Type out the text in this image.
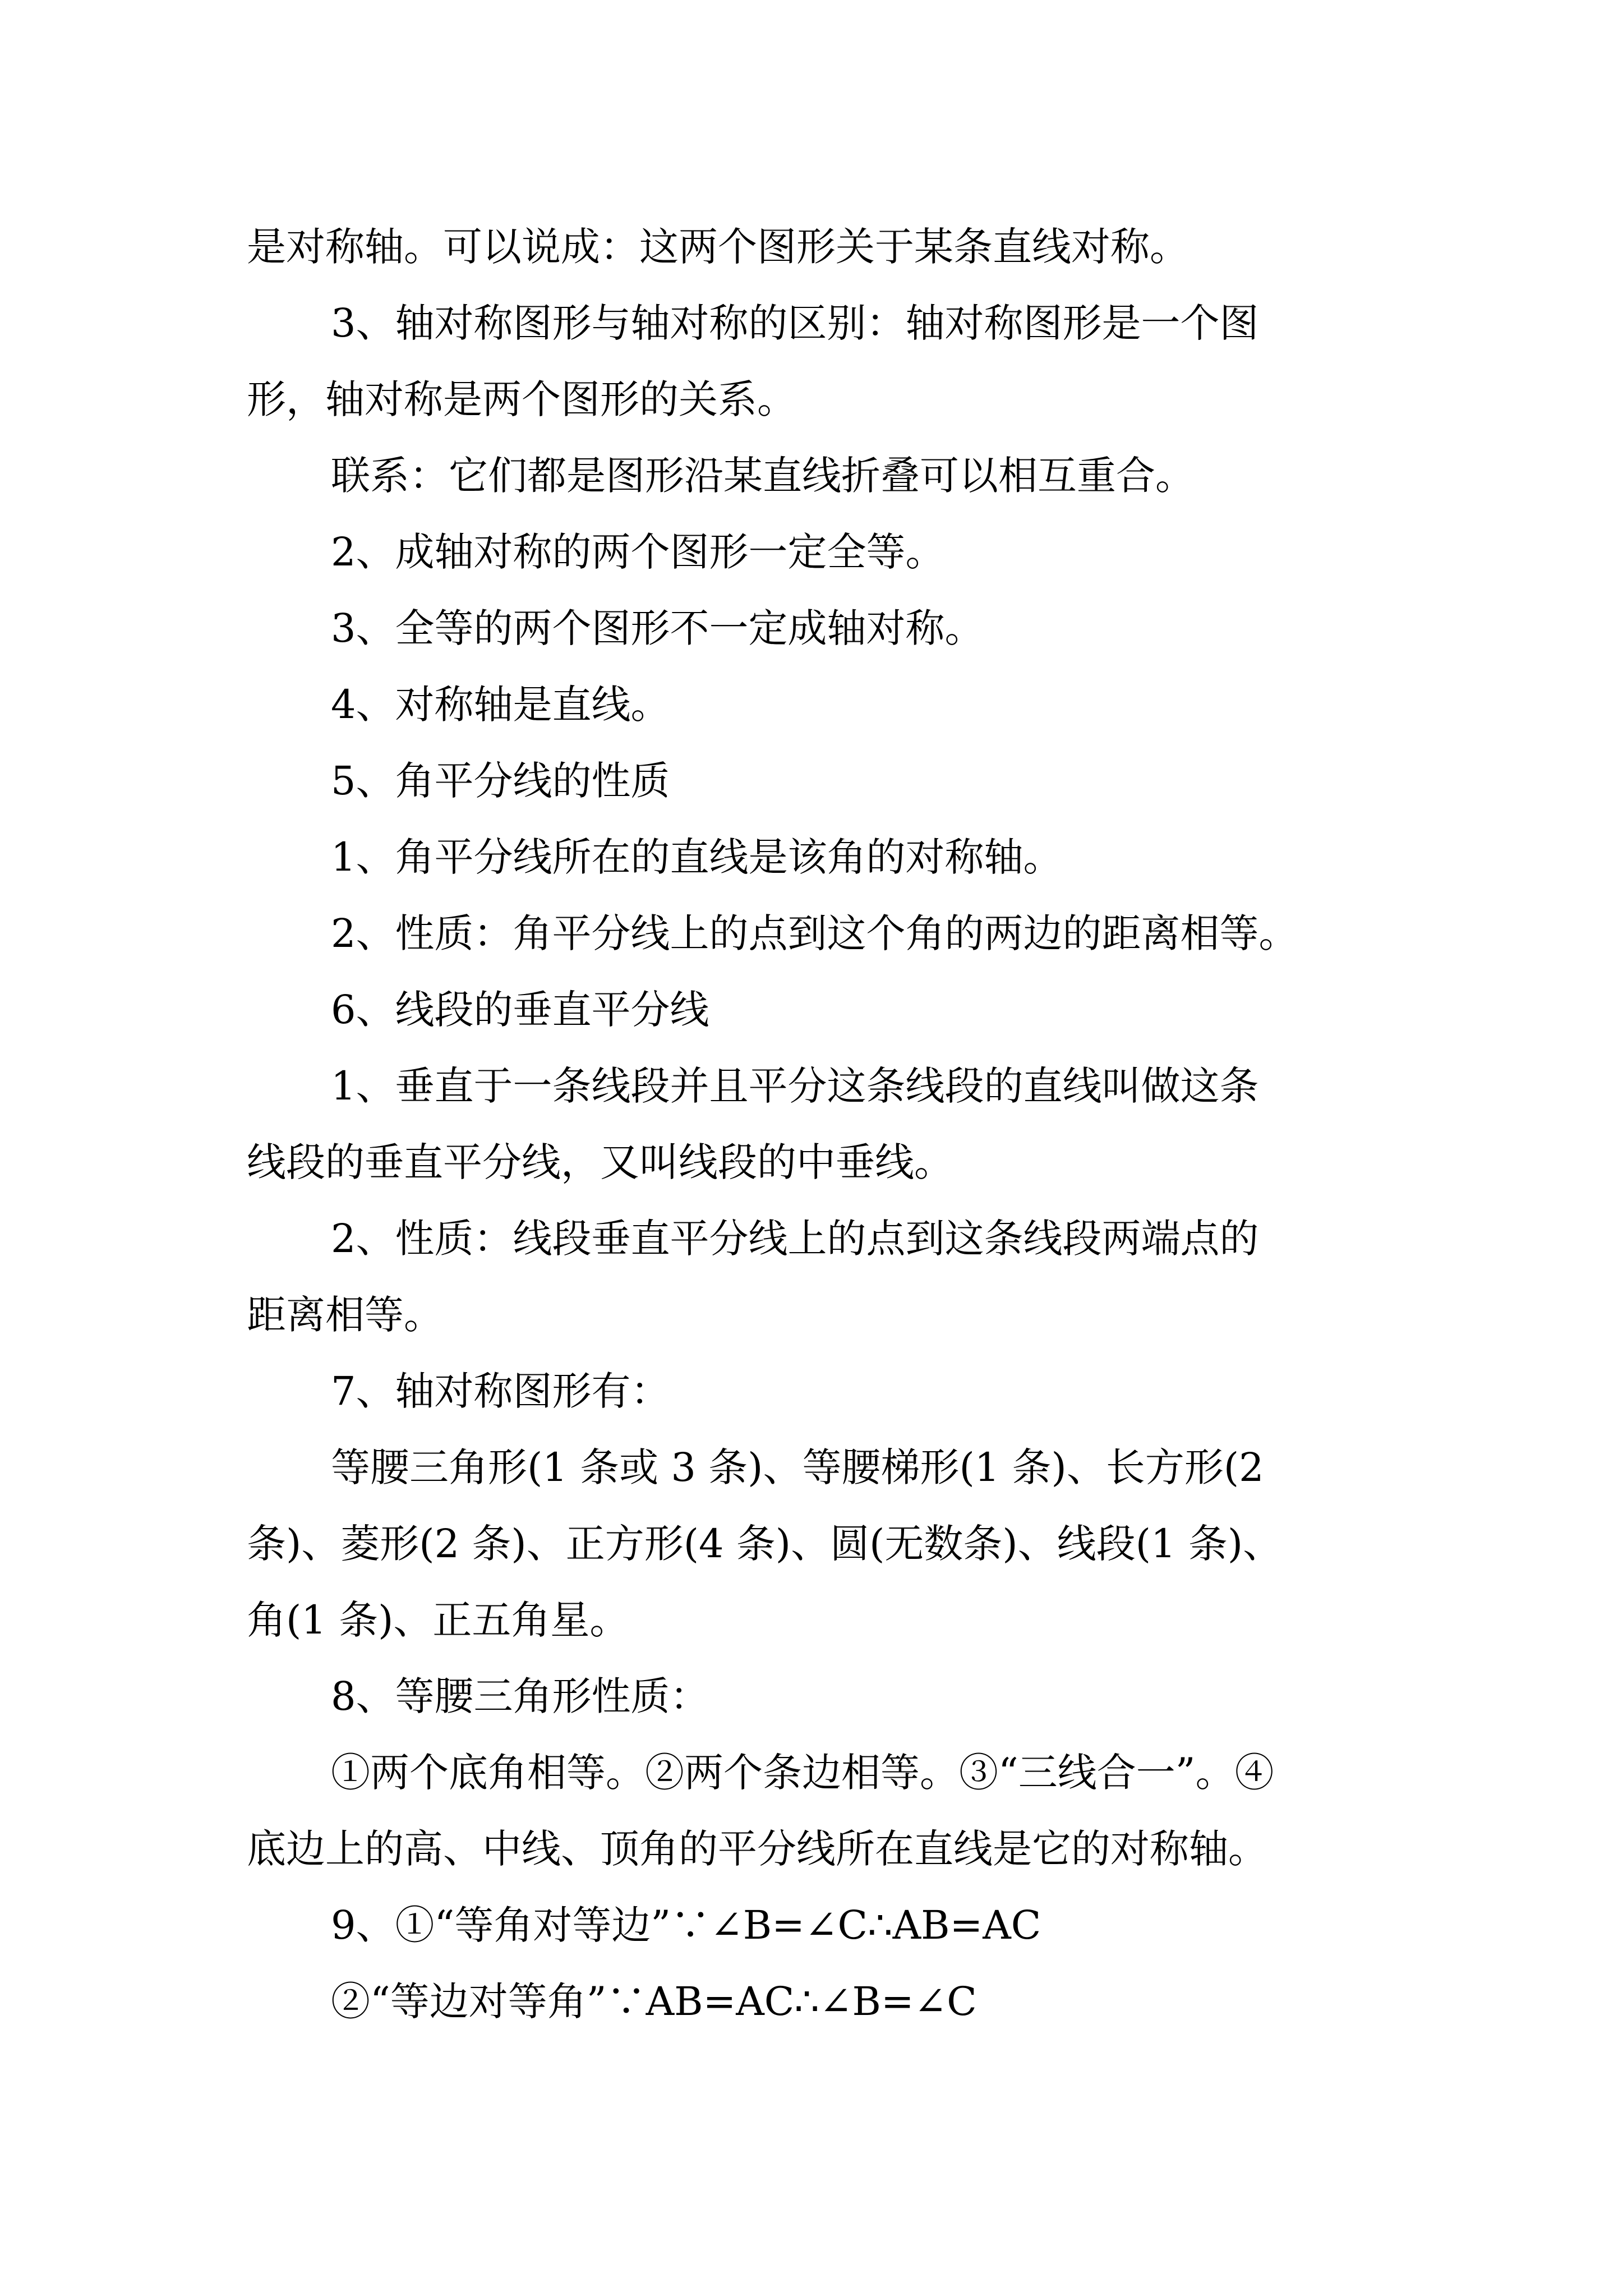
是对称轴。可以说成：这两个图形关于某条直线对称。
3、轴对称图形与轴对称的区别：轴对称图形是一个图
形，轴对称是两个图形的关系。
联系：它们都是图形沿某直线折叠可以相互重合。
2、成轴对称的两个图形一定全等。
3、全等的两个图形不一定成轴对称。
4、对称轴是直线。
5、角平分线的性质
1、角平分线所在的直线是该角的对称轴。
2、性质：角平分线上的点到这个角的两边的距离相等。
6、线段的垂直平分线
1、垂直于一条线段并且平分这条线段的直线叫做这条
线段的垂直平分线，又叫线段的中垂线。
2、性质：线段垂直平分线上的点到这条线段两端点的
距离相等。
7、轴对称图形有：
等腰三角形(1 条或 3 条)、等腰梯形(1 条)、长方形(2
条)、菱形(2 条)、正方形(4 条)、圆(无数条)、线段(1 条)、
角(1 条)、正五角星。
8、等腰三角形性质：
①两个底角相等。②两个条边相等。③“三线合一”。④
底边上的高、中线、顶角的平分线所在直线是它的对称轴。
9、①“等角对等边”∵∠B=∠C∴AB=AC
②“等边对等角”∵AB=AC∴∠B=∠C
